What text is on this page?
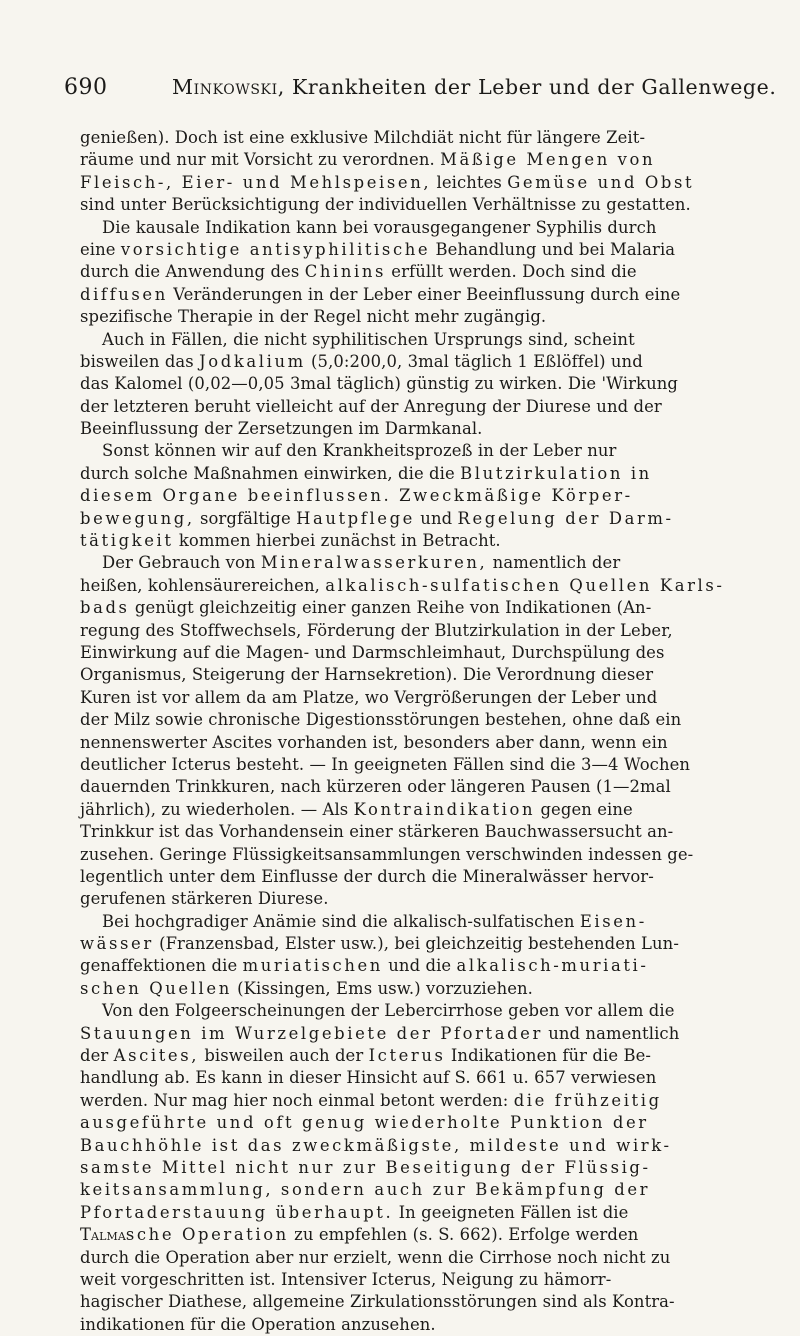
690	Minkowski, Krankheiten der Leber und der Gallenwege.
genießen). Doch ist eine exklusive Milchdiät nicht für längere Zeit-
räume und nur mit Vorsicht zu verordnen. Mäßige Mengen von
Fleisch-, Eier- und Mehlspeisen, leichtes Gemüse und Obst
sind unter Berücksichtigung der individuellen Verhältnisse zu gestatten.
Die kausale Indikation kann bei vorausgegangener Syphilis durch
eine vorsichtige antisyphilitische Behandlung und bei Malaria
durch die Anwendung des Chinins erfüllt werden. Doch sind die
diffusen Veränderungen in der Leber einer Beeinflussung durch eine
spezifische Therapie in der Regel nicht mehr zugängig.
Auch in Fällen, die nicht syphilitischen Ursprungs sind, scheint
bisweilen das Jodkalium (5,0:200,0, 3mal täglich 1 Eßlöffel) und
das Kalomel (0,02—0,05 3mal täglich) günstig zu wirken. Die 'Wirkung
der letzteren beruht vielleicht auf der Anregung der Diurese und der
Beeinflussung der Zersetzungen im Darmkanal.
Sonst können wir auf den Krankheitsprozeß in der Leber nur
durch solche Maßnahmen einwirken, die die Blutzirkulation in
diesem Organe beeinflussen. Zweckmäßige Körper-
bewegung, sorgfältige Hautpflege und Regelung der Darm-
tätigkeit kommen hierbei zunächst in Betracht.
Der Gebrauch von Mineralwasserkuren, namentlich der
heißen, kohlensäurereichen, alkalisch-sulfatischen Quellen Karls-
bads genügt gleichzeitig einer ganzen Reihe von Indikationen (An-
regung des Stoffwechsels, Förderung der Blutzirkulation in der Leber,
Einwirkung auf die Magen- und Darmschleimhaut, Durchspülung des
Organismus, Steigerung der Harnsekretion). Die Verordnung dieser
Kuren ist vor allem da am Platze, wo Vergrößerungen der Leber und
der Milz sowie chronische Digestionsstörungen bestehen, ohne daß ein
nennenswerter Ascites vorhanden ist, besonders aber dann, wenn ein
deutlicher Icterus besteht. — In geeigneten Fällen sind die 3—4 Wochen
dauernden Trinkkuren, nach kürzeren oder längeren Pausen (1—2mal
jährlich), zu wiederholen. — Als Kontraindikation gegen eine
Trinkkur ist das Vorhandensein einer stärkeren Bauchwassersucht an-
zusehen. Geringe Flüssigkeitsansammlungen verschwinden indessen ge-
legentlich unter dem Einflusse der durch die Mineralwässer hervor-
gerufenen stärkeren Diurese.
Bei hochgradiger Anämie sind die alkalisch-sulfatischen Eisen-
wässer (Franzensbad, Elster usw.), bei gleichzeitig bestehenden Lun-
genaffektionen die muriatischen und die alkalisch-muriati-
schen Quellen (Kissingen, Ems usw.) vorzuziehen.
Von den Folgeerscheinungen der Lebercirrhose geben vor allem die
Stauungen im Wurzelgebiete der Pfortader und namentlich
der Ascites, bisweilen auch der Icterus Indikationen für die Be-
handlung ab. Es kann in dieser Hinsicht auf S. 661 u. 657 verwiesen
werden. Nur mag hier noch einmal betont werden: die frühzeitig
ausgeführte und oft genug wiederholte Punktion der
Bauchhöhle ist das zweckmäßigste, mildeste und wirk-
samste Mittel nicht nur zur Beseitigung der Flüssig-
keitsansammlung, sondern auch zur Bekämpfung der
Pfortaderstauung überhaupt. In geeigneten Fällen ist die
Talmasche Operation zu empfehlen (s. S. 662). Erfolge werden
durch die Operation aber nur erzielt, wenn die Cirrhose noch nicht zu
weit vorgeschritten ist. Intensiver Icterus, Neigung zu hämorr-
hagischer Diathese, allgemeine Zirkulationsstörungen sind als Kontra-
indikationen für die Operation anzusehen.
